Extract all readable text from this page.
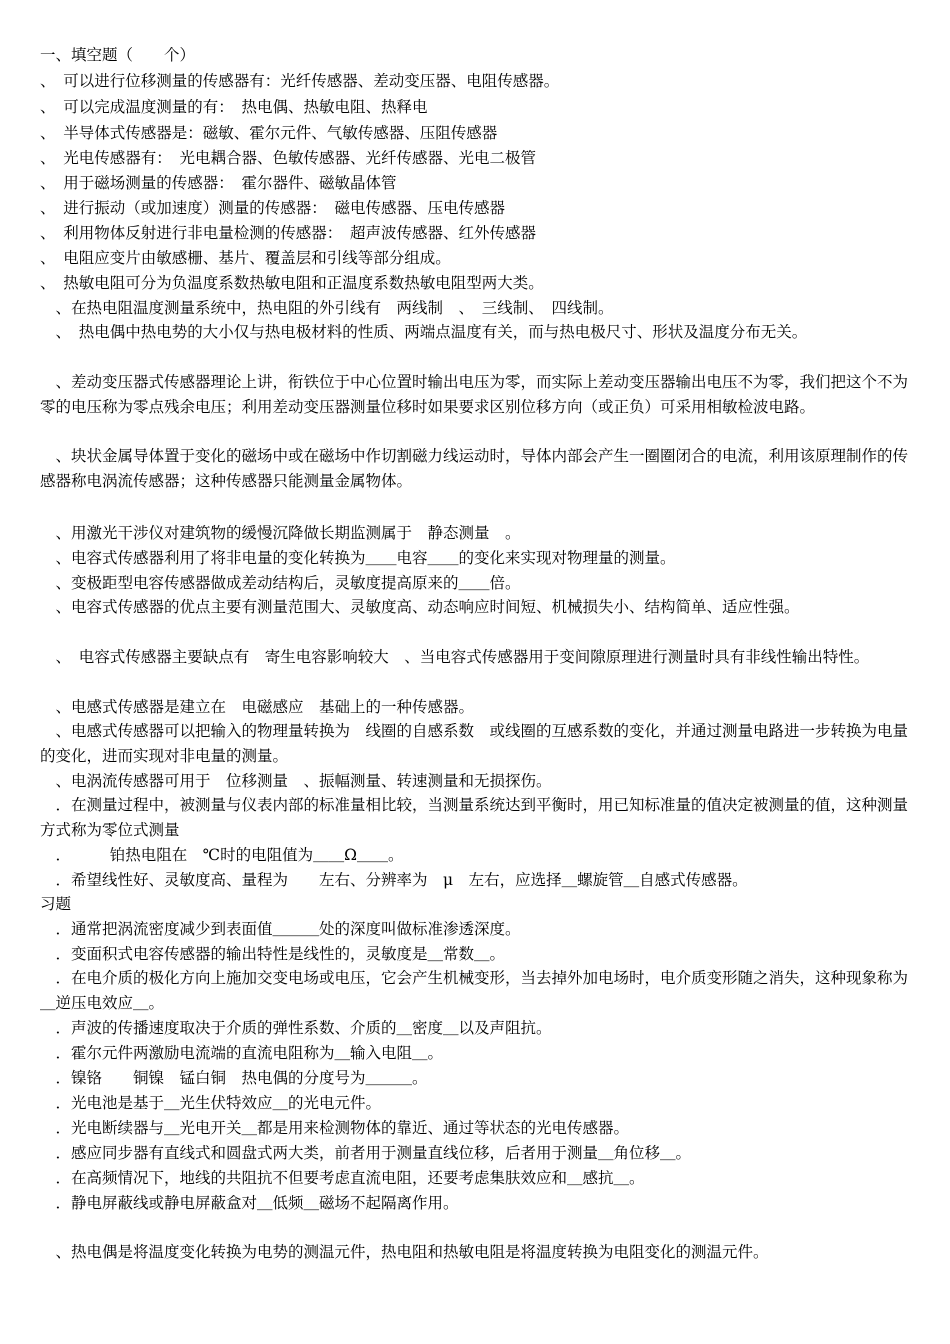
一、填空题（　　个）
、　可以进行位移测量的传感器有：光纤传感器、差动变压器、电阻传感器。
、　可以完成温度测量的有：　热电偶、热敏电阻、热释电
、　半导体式传感器是：磁敏、霍尔元件、气敏传感器、压阻传感器
、　光电传感器有：　光电耦合器、色敏传感器、光纤传感器、光电二极管
、　用于磁场测量的传感器：　霍尔器件、磁敏晶体管
、　进行振动（或加速度）测量的传感器：　磁电传感器、压电传感器
、　利用物体反射进行非电量检测的传感器：　超声波传感器、红外传感器
、　电阻应变片由敏感栅、基片、覆盖层和引线等部分组成。
、　热敏电阻可分为负温度系数热敏电阻和正温度系数热敏电阻型两大类。
　、在热电阻温度测量系统中，热电阻的外引线有　两线制　、　三线制、　四线制。
　、　热电偶中热电势的大小仅与热电极材料的性质、两端点温度有关，而与热电极尺寸、形状及温度分布无关。
　、差动变压器式传感器理论上讲，衔铁位于中心位置时输出电压为零，而实际上差动变压器输出电压不为零，我们把这个不为零的电压称为零点残余电压；利用差动变压器测量位移时如果要求区别位移方向（或正负）可采用相敏检波电路。
　、块状金属导体置于变化的磁场中或在磁场中作切割磁力线运动时，导体内部会产生一圈圈闭合的电流，利用该原理制作的传感器称电涡流传感器；这种传感器只能测量金属物体。
　、用激光干涉仪对建筑物的缓慢沉降做长期监测属于　静态测量　。
　、电容式传感器利用了将非电量的变化转换为＿＿电容＿＿的变化来实现对物理量的测量。
　、变极距型电容传感器做成差动结构后，灵敏度提高原来的＿＿倍。
　、电容式传感器的优点主要有测量范围大、灵敏度高、动态响应时间短、机械损失小、结构简单、适应性强。
　、　电容式传感器主要缺点有　寄生电容影响较大　、当电容式传感器用于变间隙原理进行测量时具有非线性输出特性。
　、电感式传感器是建立在　电磁感应　基础上的一种传感器。
　、电感式传感器可以把输入的物理量转换为　线圈的自感系数　或线圈的互感系数的变化，并通过测量电路进一步转换为电量的变化，进而实现对非电量的测量。
　、电涡流传感器可用于　位移测量　、振幅测量、转速测量和无损探伤。
　．在测量过程中，被测量与仪表内部的标准量相比较，当测量系统达到平衡时，用已知标准量的值决定被测量的值，这种测量方式称为零位式测量
　．　　　铂热电阻在　℃时的电阻值为＿＿Ω＿＿。
　．希望线性好、灵敏度高、量程为　　左右、分辨率为　μ　左右，应选择＿螺旋管＿自感式传感器。
习题
　．通常把涡流密度减少到表面值＿＿＿处的深度叫做标准渗透深度。
　．变面积式电容传感器的输出特性是线性的，灵敏度是＿常数＿。
　．在电介质的极化方向上施加交变电场或电压，它会产生机械变形，当去掉外加电场时，电介质变形随之消失，这种现象称为＿逆压电效应＿。
　．声波的传播速度取决于介质的弹性系数、介质的＿密度＿以及声阻抗。
　．霍尔元件两激励电流端的直流电阻称为＿输入电阻＿。
　．镍铬　　铜镍　锰白铜　热电偶的分度号为＿＿＿。
　．光电池是基于＿光生伏特效应＿的光电元件。
　．光电断续器与＿光电开关＿都是用来检测物体的靠近、通过等状态的光电传感器。
　．感应同步器有直线式和圆盘式两大类，前者用于测量直线位移，后者用于测量＿角位移＿。
　．在高频情况下，地线的共阻抗不但要考虑直流电阻，还要考虑集肤效应和＿感抗＿。
　．静电屏蔽线或静电屏蔽盒对＿低频＿磁场不起隔离作用。
　、热电偶是将温度变化转换为电势的测温元件，热电阻和热敏电阻是将温度转换为电阻变化的测温元件。
